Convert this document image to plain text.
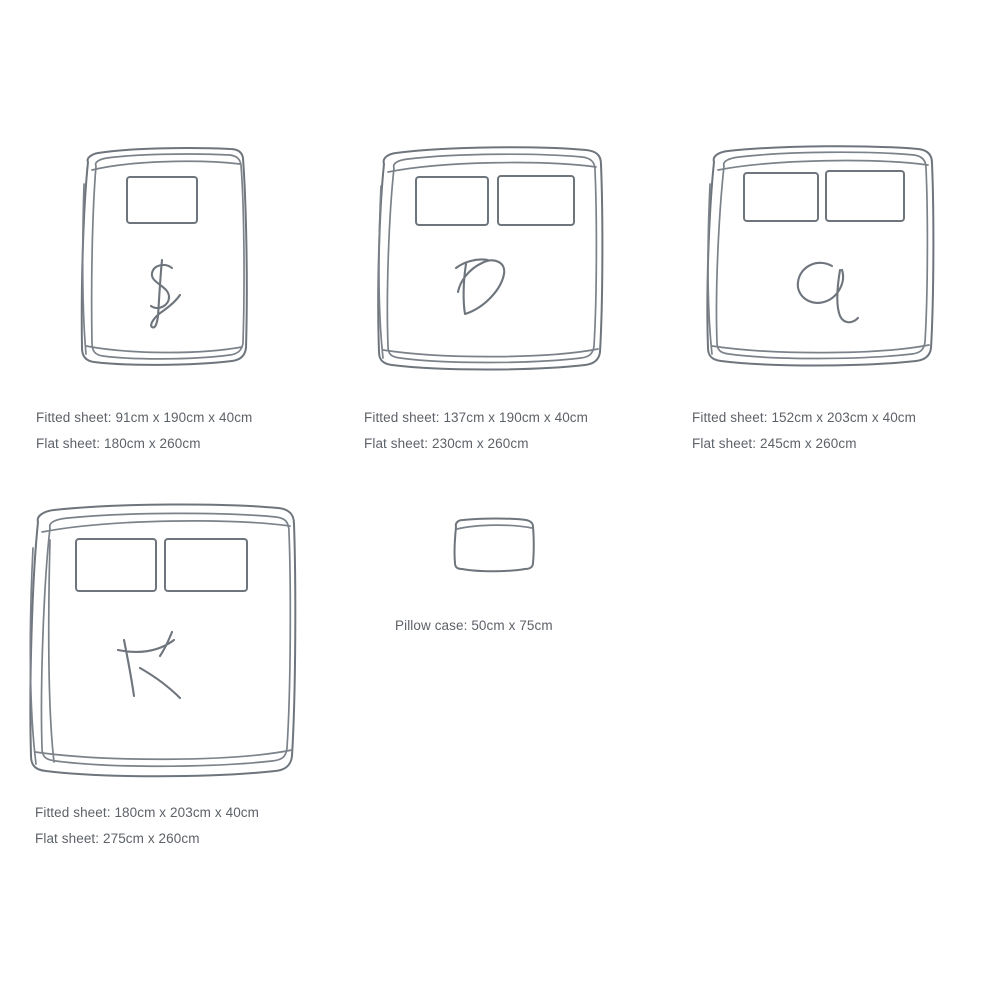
Fitted sheet: 91cm x 190cm x 40cm
Flat sheet: 180cm x 260cm
Fitted sheet: 137cm x 190cm x 40cm
Flat sheet: 230cm x 260cm
Fitted sheet: 152cm x 203cm x 40cm
Flat sheet: 245cm x 260cm
Fitted sheet: 180cm x 203cm x 40cm
Flat sheet: 275cm x 260cm
Pillow case: 50cm x 75cm
